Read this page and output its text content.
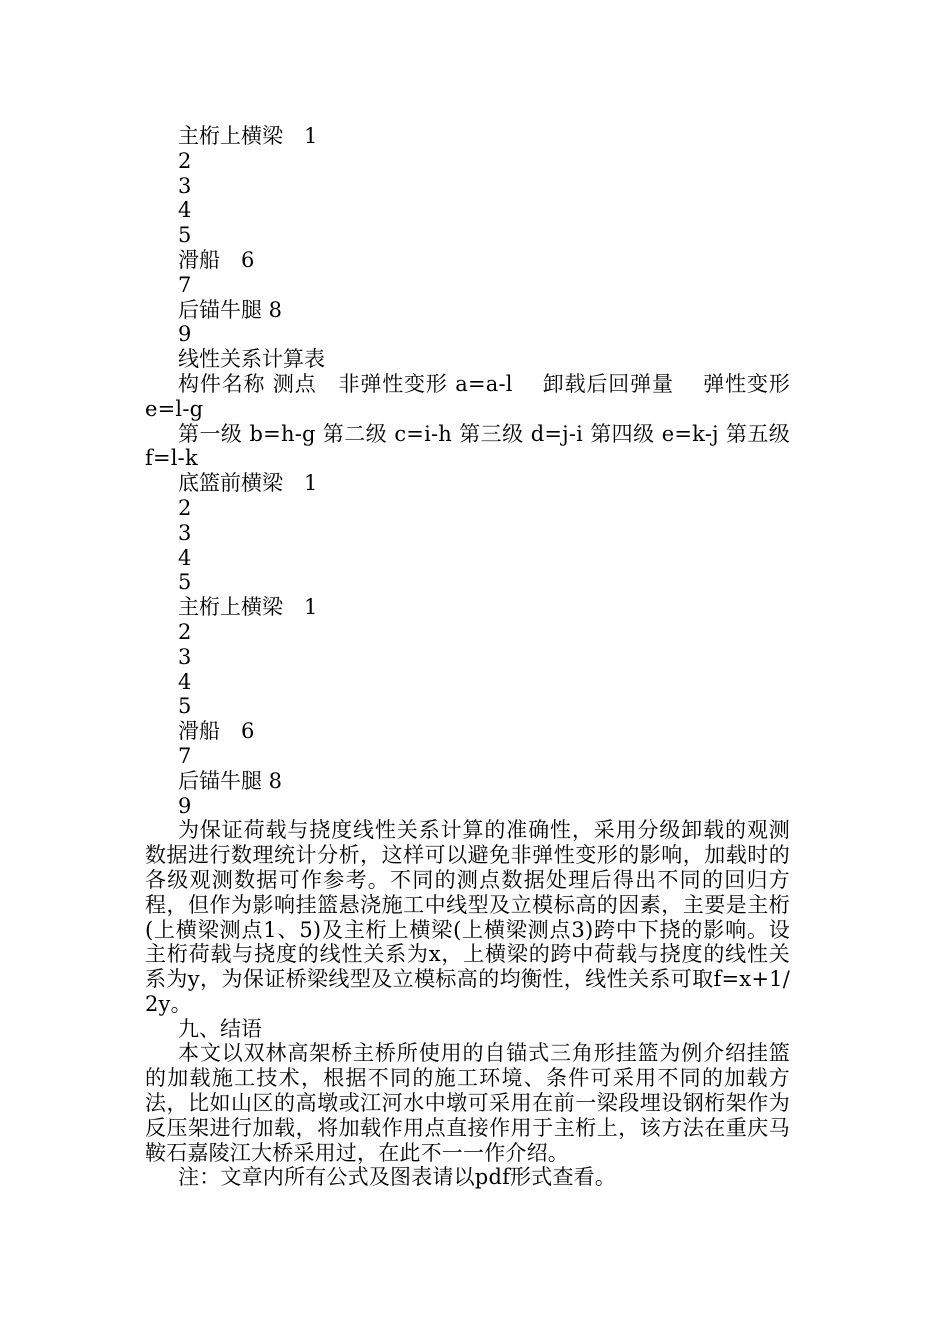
主桁上横梁　1

2

3

4

5

滑船　6

7

后锚牛腿 8

9

线性关系计算表

构件名称 测点　非弹性变形 a=a-l　 卸载后回弹量　 弹性变形 e=l-g

第一级 b=h-g 第二级 c=i-h 第三级 d=j-i 第四级 e=k-j 第五级 f=l-k

底篮前横梁　1

2

3

4

5

主桁上横梁　1

2

3

4

5

滑船　6

7

后锚牛腿 8

9

为保证荷载与挠度线性关系计算的准确性，采用分级卸载的观测数据进行数理统计分析，这样可以避免非弹性变形的影响，加载时的各级观测数据可作参考。不同的测点数据处理后得出不同的回归方程，但作为影响挂篮悬浇施工中线型及立模标高的因素，主要是主桁(上横梁测点1、5)及主桁上横梁(上横梁测点3)跨中下挠的影响。设主桁荷载与挠度的线性关系为x，上横梁的跨中荷载与挠度的线性关系为y，为保证桥梁线型及立模标高的均衡性，线性关系可取f=x+1/2y。

九、结语

本文以双林高架桥主桥所使用的自锚式三角形挂篮为例介绍挂篮的加载施工技术，根据不同的施工环境、条件可采用不同的加载方法，比如山区的高墩或江河水中墩可采用在前一梁段埋设钢桁架作为反压架进行加载，将加载作用点直接作用于主桁上，该方法在重庆马鞍石嘉陵江大桥采用过，在此不一一作介绍。

注：文章内所有公式及图表请以pdf形式查看。
